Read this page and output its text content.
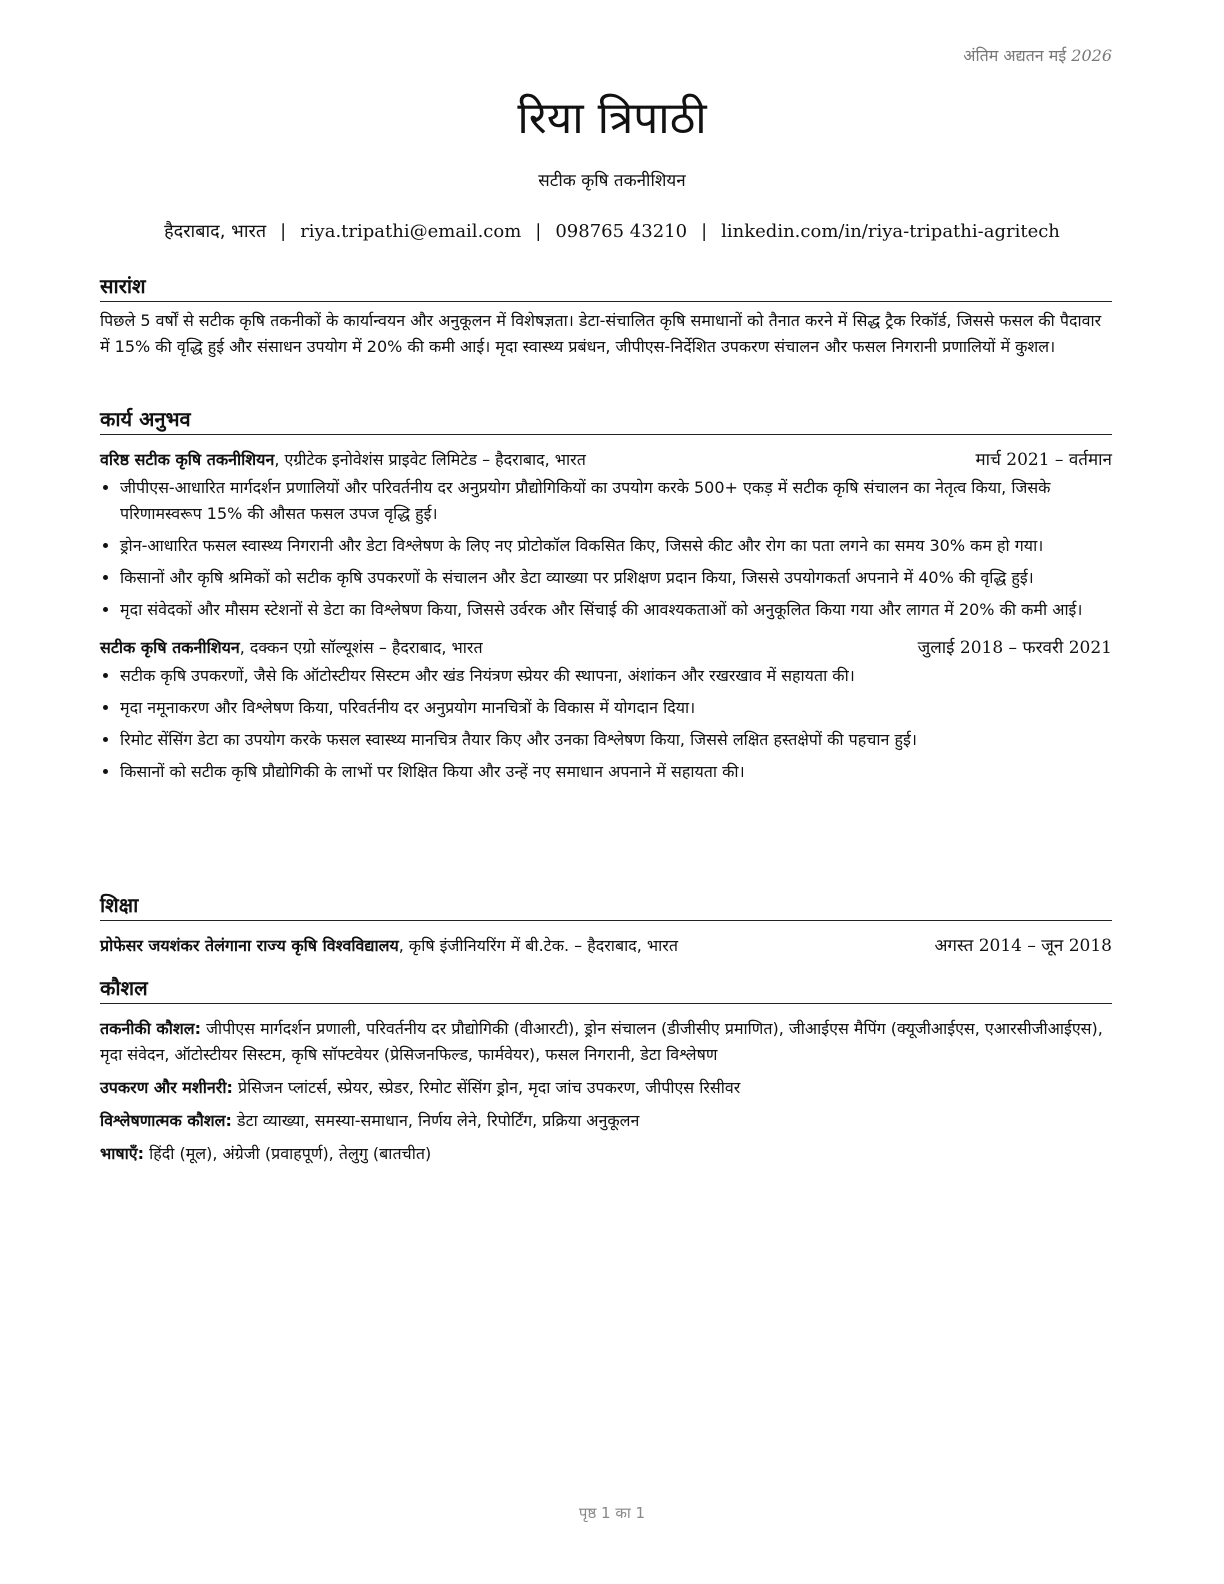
अंतिम अद्यतन मई 2026
रिया त्रिपाठी
सटीक कृषि तकनीशियन
हैदराबाद, भारत | riya.tripathi@email.com | 098765 43210 | linkedin.com/in/riya-tripathi-agritech
सारांश

पिछले 5 वर्षों से सटीक कृषि तकनीकों के कार्यान्वयन और अनुकूलन में विशेषज्ञता। डेटा-संचालित कृषि समाधानों को तैनात करने में सिद्ध ट्रैक रिकॉर्ड, जिससे फसल की पैदावार में 15% की वृद्धि हुई और संसाधन उपयोग में 20% की कमी आई। मृदा स्वास्थ्य प्रबंधन, जीपीएस-निर्देशित उपकरण संचालन और फसल निगरानी प्रणालियों में कुशल।

कार्य अनुभव
वरिष्ठ सटीक कृषि तकनीशियन, एग्रीटेक इनोवेशंस प्राइवेट लिमिटेड – हैदराबाद, भारत	मार्च 2021 – वर्तमान
• जीपीएस-आधारित मार्गदर्शन प्रणालियों और परिवर्तनीय दर अनुप्रयोग प्रौद्योगिकियों का उपयोग करके 500+ एकड़ में सटीक कृषि संचालन का नेतृत्व किया, जिसके परिणामस्वरूप 15% की औसत फसल उपज वृद्धि हुई।
• ड्रोन-आधारित फसल स्वास्थ्य निगरानी और डेटा विश्लेषण के लिए नए प्रोटोकॉल विकसित किए, जिससे कीट और रोग का पता लगने का समय 30% कम हो गया।
• किसानों और कृषि श्रमिकों को सटीक कृषि उपकरणों के संचालन और डेटा व्याख्या पर प्रशिक्षण प्रदान किया, जिससे उपयोगकर्ता अपनाने में 40% की वृद्धि हुई।
• मृदा संवेदकों और मौसम स्टेशनों से डेटा का विश्लेषण किया, जिससे उर्वरक और सिंचाई की आवश्यकताओं को अनुकूलित किया गया और लागत में 20% की कमी आई।
सटीक कृषि तकनीशियन, दक्कन एग्रो सॉल्यूशंस – हैदराबाद, भारत	जुलाई 2018 – फरवरी 2021
• सटीक कृषि उपकरणों, जैसे कि ऑटोस्टीयर सिस्टम और खंड नियंत्रण स्प्रेयर की स्थापना, अंशांकन और रखरखाव में सहायता की।
• मृदा नमूनाकरण और विश्लेषण किया, परिवर्तनीय दर अनुप्रयोग मानचित्रों के विकास में योगदान दिया।
• रिमोट सेंसिंग डेटा का उपयोग करके फसल स्वास्थ्य मानचित्र तैयार किए और उनका विश्लेषण किया, जिससे लक्षित हस्तक्षेपों की पहचान हुई।
• किसानों को सटीक कृषि प्रौद्योगिकी के लाभों पर शिक्षित किया और उन्हें नए समाधान अपनाने में सहायता की।
शिक्षा
प्रोफेसर जयशंकर तेलंगाना राज्य कृषि विश्वविद्यालय, कृषि इंजीनियरिंग में बी.टेक. – हैदराबाद, भारत	अगस्त 2014 – जून 2018
कौशल

तकनीकी कौशल: जीपीएस मार्गदर्शन प्रणाली, परिवर्तनीय दर प्रौद्योगिकी (वीआरटी), ड्रोन संचालन (डीजीसीए प्रमाणित), जीआईएस मैपिंग (क्यूजीआईएस, एआरसीजीआईएस), मृदा संवेदन, ऑटोस्टीयर सिस्टम, कृषि सॉफ्टवेयर (प्रेसिजनफिल्ड, फार्मवेयर), फसल निगरानी, डेटा विश्लेषण

उपकरण और मशीनरी: प्रेसिजन प्लांटर्स, स्प्रेयर, स्प्रेडर, रिमोट सेंसिंग ड्रोन, मृदा जांच उपकरण, जीपीएस रिसीवर

विश्लेषणात्मक कौशल: डेटा व्याख्या, समस्या-समाधान, निर्णय लेने, रिपोर्टिंग, प्रक्रिया अनुकूलन

भाषाएँ: हिंदी (मूल), अंग्रेजी (प्रवाहपूर्ण), तेलुगु (बातचीत)

पृष्ठ 1 का 1
